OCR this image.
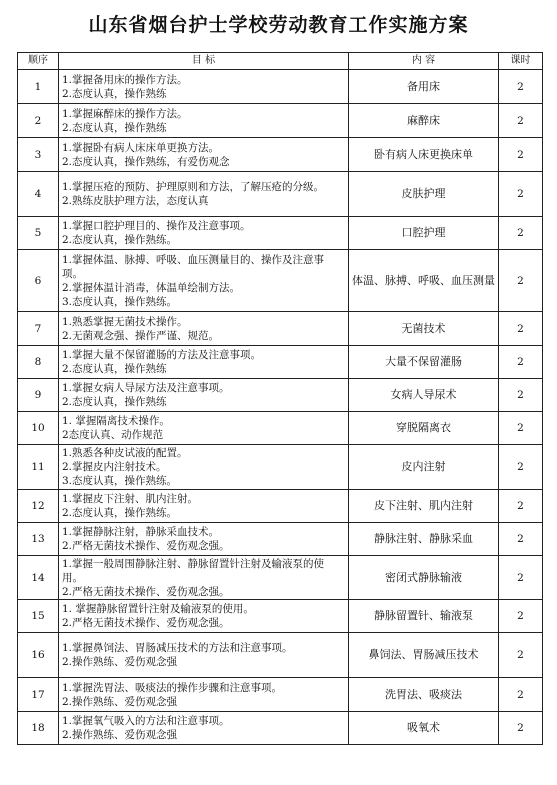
山东省烟台护士学校劳动教育工作实施方案
顺序	目 标	内 容	课时
1	1.掌握备用床的操作方法。
2.态度认真，操作熟练	备用床	2
2	1.掌握麻醉床的操作方法。
2.态度认真，操作熟练	麻醉床	2
3	1.掌握卧有病人床床单更换方法。
2.态度认真，操作熟练，有爱伤观念	卧有病人床更换床单	2
4	1.掌握压疮的预防、护理原则和方法，了解压疮的分级。
2.熟练皮肤护理方法，态度认真	皮肤护理	2
5	1.掌握口腔护理目的、操作及注意事项。
2.态度认真，操作熟练。	口腔护理	2
6	1.掌握体温、脉搏、呼吸、血压测量目的、操作及注意事项。
2.掌握体温计消毒，体温单绘制方法。
3.态度认真，操作熟练。	体温、脉搏、呼吸、血压测量	2
7	1.熟悉掌握无菌技术操作。
2.无菌观念强、操作严谨、规范。	无菌技术	2
8	1.掌握大量不保留灌肠的方法及注意事项。
2.态度认真，操作熟练	大量不保留灌肠	2
9	1.掌握女病人导尿方法及注意事项。
2.态度认真，操作熟练	女病人导尿术	2
10	1. 掌握隔离技术操作。
2态度认真、动作规范	穿脱隔离衣	2
11	1.熟悉各种皮试液的配置。
2.掌握皮内注射技术。
3.态度认真，操作熟练。	皮内注射	2
12	1.掌握皮下注射、肌内注射。
2.态度认真，操作熟练。	皮下注射、肌内注射	2
13	1.掌握静脉注射，静脉采血技术。
2.严格无菌技术操作、爱伤观念强。	静脉注射、静脉采血	2
14	1.掌握一般周围静脉注射、静脉留置针注射及输液泵的使用。
2.严格无菌技术操作、爱伤观念强。	密闭式静脉输液	2
15	1. 掌握静脉留置针注射及输液泵的使用。
2.严格无菌技术操作、爱伤观念强。	静脉留置针、输液泵	2
16	1.掌握鼻饲法、胃肠减压技术的方法和注意事项。
2.操作熟练、爱伤观念强	鼻饲法、胃肠减压技术	2
17	1.掌握洗胃法、吸痰法的操作步骤和注意事项。
2.操作熟练、爱伤观念强	洗胃法、吸痰法	2
18	1.掌握氧气吸入的方法和注意事项。
2.操作熟练、爱伤观念强	吸氧术	2
